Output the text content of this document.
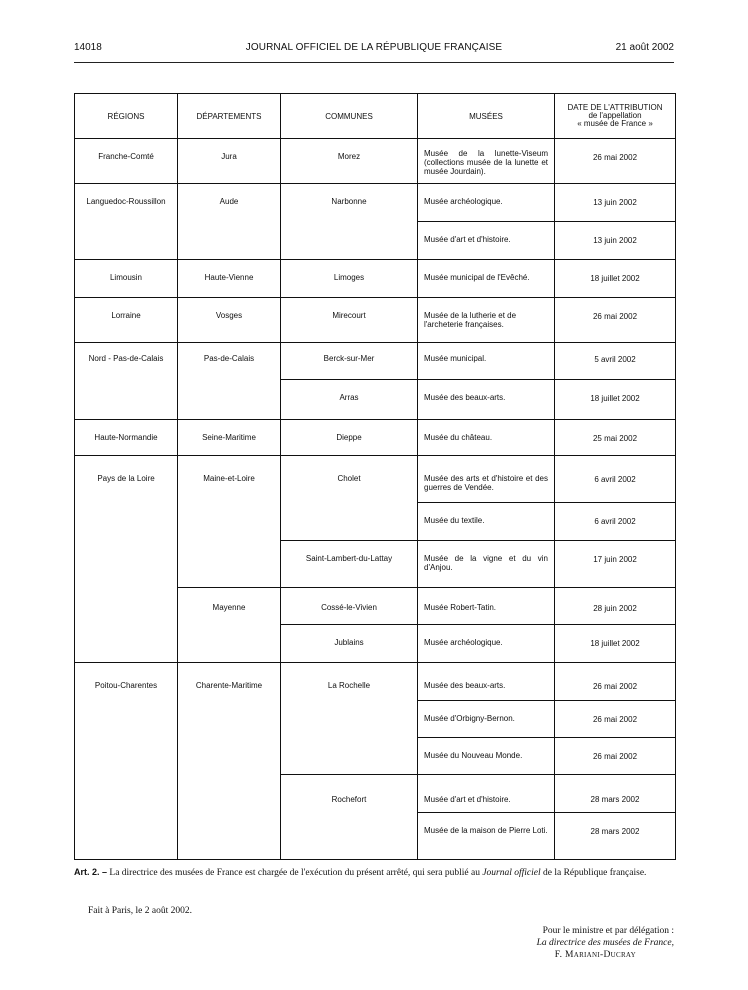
14018	JOURNAL OFFICIEL DE LA RÉPUBLIQUE FRANÇAISE	21 août 2002
RÉGIONS	DÉPARTEMENTS	COMMUNES	MUSÉES	DATE DE L'ATTRIBUTION
de l'appellation
« musée de France »

Franche-Comté	Jura	Morez	Musée de la lunette-Viseum (collections musée de la lunette et musée Jourdain).	26 mai 2002
Languedoc-Roussillon	Aude	Narbonne	Musée archéologique.	13 juin 2002
			Musée d'art et d'histoire.	13 juin 2002
Limousin	Haute-Vienne	Limoges	Musée municipal de l'Evêché.	18 juillet 2002
Lorraine	Vosges	Mirecourt	Musée de la lutherie et de l'archeterie françaises.	26 mai 2002
Nord - Pas-de-Calais	Pas-de-Calais	Berck-sur-Mer	Musée municipal.	5 avril 2002
		Arras	Musée des beaux-arts.	18 juillet 2002
Haute-Normandie	Seine-Maritime	Dieppe	Musée du château.	25 mai 2002
Pays de la Loire	Maine-et-Loire	Cholet	Musée des arts et d'histoire et des guerres de Vendée.	6 avril 2002
			Musée du textile.	6 avril 2002
		Saint-Lambert-du-Lattay	Musée de la vigne et du vin d'Anjou.	17 juin 2002
	Mayenne	Cossé-le-Vivien	Musée Robert-Tatin.	28 juin 2002
		Jublains	Musée archéologique.	18 juillet 2002
Poitou-Charentes	Charente-Maritime	La Rochelle	Musée des beaux-arts.	26 mai 2002
			Musée d'Orbigny-Bernon.	26 mai 2002
			Musée du Nouveau Monde.	26 mai 2002
		Rochefort	Musée d'art et d'histoire.	28 mars 2002
			Musée de la maison de Pierre Loti.	28 mars 2002
Art. 2. – La directrice des musées de France est chargée de l'exécution du présent arrêté, qui sera publié au Journal officiel de la République française.
Fait à Paris, le 2 août 2002.
Pour le ministre et par délégation :
La directrice des musées de France,
F. Mariani-Ducray
